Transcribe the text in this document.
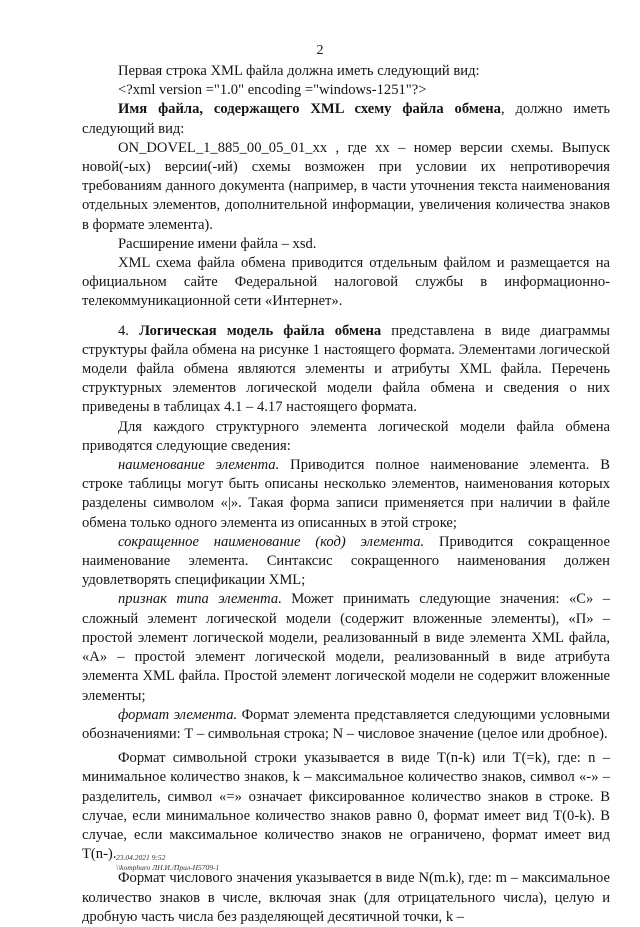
2

Первая строка XML файла должна иметь следующий вид:

<?xml version ="1.0" encoding ="windows-1251"?>

Имя файла, содержащего XML схему файла обмена, должно иметь следующий вид:

ON_DOVEL_1_885_00_05_01_xx , где хх – номер версии схемы. Выпуск новой(-ых) версии(-ий) схемы возможен при условии их непротиворечия требованиям данного документа (например, в части уточнения текста наименования отдельных элементов, дополнительной информации, увеличения количества знаков в формате элемента).

Расширение имени файла – xsd.

XML схема файла обмена приводится отдельным файлом и размещается на официальном сайте Федеральной налоговой службы в информационно-телекоммуникационной сети «Интернет».

4. Логическая модель файла обмена представлена в виде диаграммы структуры файла обмена на рисунке 1 настоящего формата. Элементами логической модели файла обмена являются элементы и атрибуты XML файла. Перечень структурных элементов логической модели файла обмена и сведения о них приведены в таблицах 4.1 – 4.17 настоящего формата.

Для каждого структурного элемента логической модели файла обмена приводятся следующие сведения:

наименование элемента. Приводится полное наименование элемента. В строке таблицы могут быть описаны несколько элементов, наименования которых разделены символом «|». Такая форма записи применяется при наличии в файле обмена только одного элемента из описанных в этой строке;

сокращенное наименование (код) элемента. Приводится сокращенное наименование элемента. Синтаксис сокращенного наименования должен удовлетворять спецификации XML;

признак типа элемента. Может принимать следующие значения: «С» – сложный элемент логической модели (содержит вложенные элементы), «П» – простой элемент логической модели, реализованный в виде элемента XML файла, «А» – простой элемент логической модели, реализованный в виде атрибута элемента XML файла. Простой элемент логической модели не содержит вложенные элементы;

формат элемента. Формат элемента представляется следующими условными обозначениями: Т – символьная строка; N – числовое значение (целое или дробное).

Формат символьной строки указывается в виде Т(n-k) или T(=k), где: n – минимальное количество знаков, k – максимальное количество знаков, символ «-» – разделитель, символ «=» означает фиксированное количество знаков в строке. В случае, если минимальное количество знаков равно 0, формат имеет вид Т(0-k). В случае, если максимальное количество знаков не ограничено, формат имеет вид Т(n-).

Формат числового значения указывается в виде N(m.k), где: m – максимальное количество знаков в числе, включая знак (для отрицательного числа), целую и дробную часть числа без разделяющей десятичной точки, k –

23.04.2021 9:52
\\komphuro ЛН.И./Прил-Н5709-1
